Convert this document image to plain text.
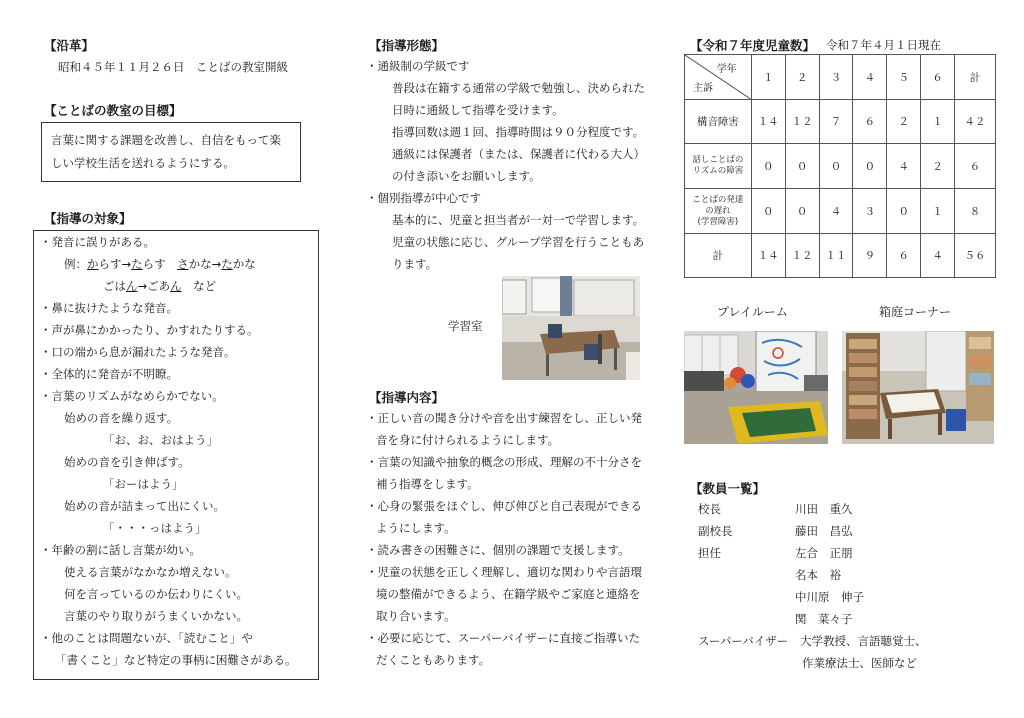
【沿革】
昭和４５年１１月２６日　ことばの教室開級
【ことばの教室の目標】
言葉に関する課題を改善し、自信をもって楽
しい学校生活を送れるようにする。
【指導の対象】
・発音に誤りがある。
例：からす→たらす　さかな→たかな
ごはん→ごあん　など
・鼻に抜けたような発音。
・声が鼻にかかったり、かすれたりする。
・口の端から息が漏れたような発音。
・全体的に発音が不明瞭。
・言葉のリズムがなめらかでない。
始めの音を繰り返す。
「お、お、おはよう」
始めの音を引き伸ばす。
「おーはよう」
始めの音が詰まって出にくい。
「・・・っはよう」
・年齢の割に話し言葉が幼い。
使える言葉がなかなか増えない。
何を言っているのか伝わりにくい。
言葉のやり取りがうまくいかない。
・他のことは問題ないが、「読むこと」や
「書くこと」など特定の事柄に困難さがある。
【指導形態】
・通級制の学級です
普段は在籍する通常の学級で勉強し、決められた
日時に通級して指導を受けます。
指導回数は週１回、指導時間は９０分程度です。
通級には保護者（または、保護者に代わる大人）
の付き添いをお願いします。
・個別指導が中心です
基本的に、児童と担当者が一対一で学習します。
児童の状態に応じ、グループ学習を行うこともあ
ります。
学習室
【指導内容】
・正しい音の聞き分けや音を出す練習をし、正しい発
音を身に付けられるようにします。
・言葉の知識や抽象的概念の形成、理解の不十分さを
補う指導をします。
・心身の緊張をほぐし、伸び伸びと自己表現ができる
ようにします。
・読み書きの困難さに、個別の課題で支援します。
・児童の状態を正しく理解し、適切な関わりや言語環
境の整備ができるよう、在籍学級やご家庭と連絡を
取り合います。
・必要に応じて、スーパーバイザーに直接ご指導いた
だくこともあります。
【令和７年度児童数】 令和７年４月１日現在
学年
主訴	１	２	３	４	５	６	計
構音障害	１４	１２	７	６	２	１	４２
話しことばの
リズムの障害	０	０	０	０	４	２	６
ことばの発達
の遅れ
(学習障害)	０	０	４	３	０	１	８
計	１４	１２	１１	９	６	４	５６
プレイルーム	箱庭コーナー
【教員一覧】
校長	川田　重久
副校長	藤田　昌弘
担任	左合　正朋
名本　裕
中川原　伸子
関　菜々子
スーパーバイザー 大学教授、言語聴覚士、
作業療法士、医師など
